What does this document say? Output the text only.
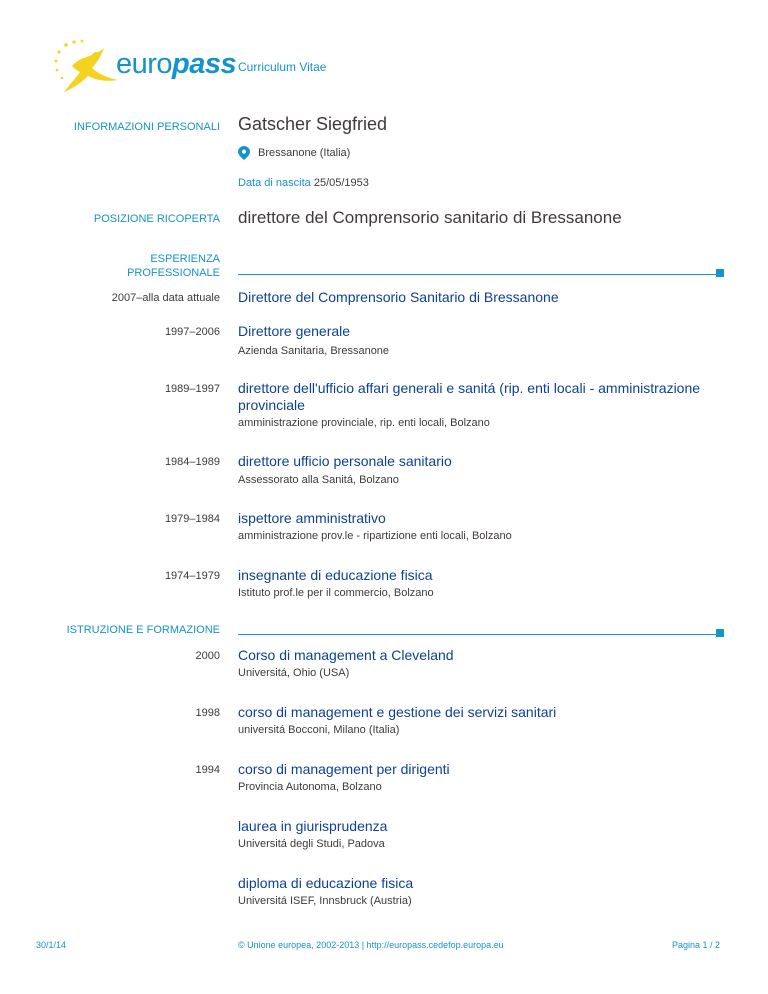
europass Curriculum Vitae
INFORMAZIONI PERSONALI Gatscher Siegfried
Bressanone (Italia)
Data di nascita 25/05/1953
POSIZIONE RICOPERTA direttore del Comprensorio sanitario di Bressanone
ESPERIENZA
PROFESSIONALE
2007–alla data attuale Direttore del Comprensorio Sanitario di Bressanone
1997–2006 Direttore generale
Azienda Sanitaria, Bressanone
1989–1997 direttore dell'ufficio affari generali e sanitá (rip. enti locali - amministrazione provinciale
amministrazione provinciale, rip. enti locali, Bolzano
1984–1989 direttore ufficio personale sanitario
Assessorato alla Sanitá, Bolzano
1979–1984 ispettore amministrativo
amministrazione prov.le - ripartizione enti locali, Bolzano
1974–1979 insegnante di educazione fisica
Istituto prof.le per il commercio, Bolzano
ISTRUZIONE E FORMAZIONE
2000 Corso di management a Cleveland
Universitá, Ohio (USA)
1998 corso di management e gestione dei servizi sanitari
universitá Bocconi, Milano (Italia)
1994 corso di management per dirigenti
Provincia Autonoma, Bolzano
laurea in giurisprudenza
Universitá degli Studi, Padova
diploma di educazione fisica
Universitá ISEF, Innsbruck (Austria)
30/1/14	© Unione europea, 2002-2013 | http://europass.cedefop.europa.eu	Pagina 1 / 2
